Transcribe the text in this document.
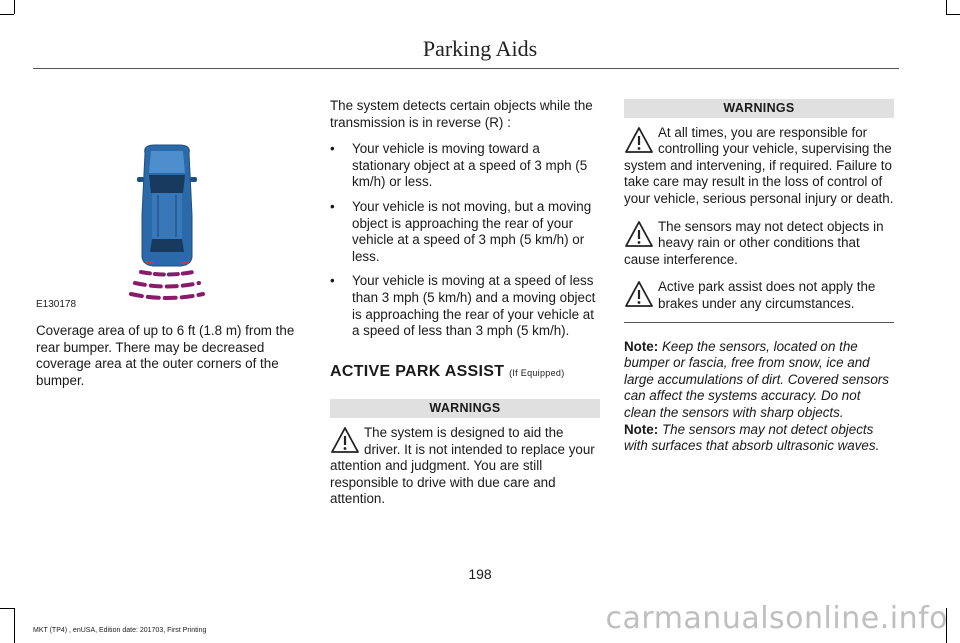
Parking Aids
E130178

Coverage area of up to 6 ft (1.8 m) from the rear bumper. There may be decreased coverage area at the outer corners of the bumper.

The system detects certain objects while the transmission is in reverse (R) :

• Your vehicle is moving toward a stationary object at a speed of 3 mph (5 km/h) or less.
• Your vehicle is not moving, but a moving object is approaching the rear of your vehicle at a speed of 3 mph (5 km/h) or less.
• Your vehicle is moving at a speed of less than 3 mph (5 km/h) and a moving object is approaching the rear of your vehicle at a speed of less than 3 mph (5 km/h).
ACTIVE PARK ASSIST (If Equipped)
WARNINGS
The system is designed to aid the driver. It is not intended to replace your attention and judgment. You are still responsible to drive with due care and attention.
WARNINGS
At all times, you are responsible for controlling your vehicle, supervising the system and intervening, if required. Failure to take care may result in the loss of control of your vehicle, serious personal injury or death.
The sensors may not detect objects in heavy rain or other conditions that cause interference.
Active park assist does not apply the brakes under any circumstances.

Note: Keep the sensors, located on the bumper or fascia, free from snow, ice and large accumulations of dirt. Covered sensors can affect the systems accuracy. Do not clean the sensors with sharp objects.

Note: The sensors may not detect objects with surfaces that absorb ultrasonic waves.

198
MKT (TP4) , enUSA, Edition date: 201703, First Printing	carmanualsonline.info
